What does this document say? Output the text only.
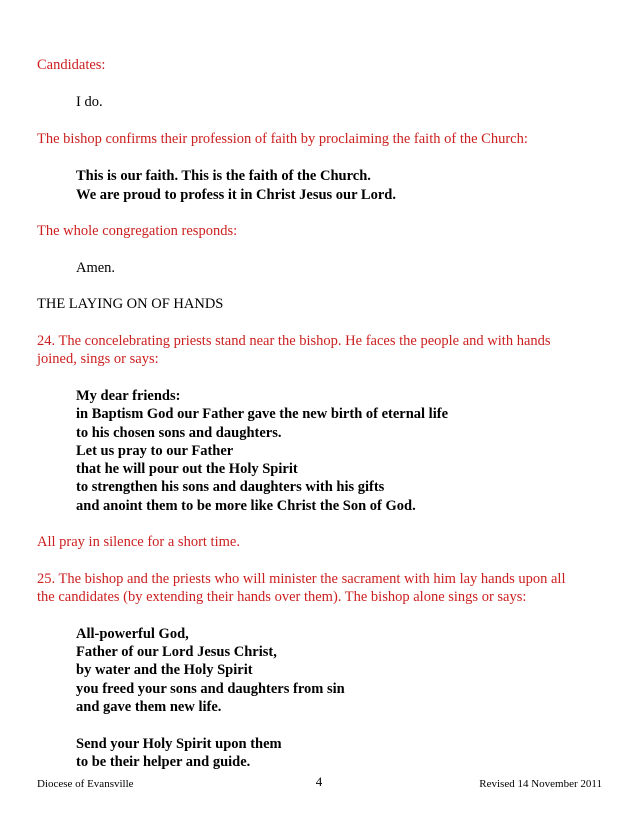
Candidates:
I do.
The bishop confirms their profession of faith by proclaiming the faith of the Church:
This is our faith. This is the faith of the Church.
We are proud to profess it in Christ Jesus our Lord.
The whole congregation responds:
Amen.
THE LAYING ON OF HANDS
24. The concelebrating priests stand near the bishop. He faces the people and with hands
joined, sings or says:
My dear friends:
in Baptism God our Father gave the new birth of eternal life
to his chosen sons and daughters.
Let us pray to our Father
that he will pour out the Holy Spirit
to strengthen his sons and daughters with his gifts
and anoint them to be more like Christ the Son of God.
All pray in silence for a short time.
25. The bishop and the priests who will minister the sacrament with him lay hands upon all
the candidates (by extending their hands over them). The bishop alone sings or says:
All-powerful God,
Father of our Lord Jesus Christ,
by water and the Holy Spirit
you freed your sons and daughters from sin
and gave them new life.
Send your Holy Spirit upon them
to be their helper and guide.
Diocese of Evansville	4	Revised 14 November 2011
